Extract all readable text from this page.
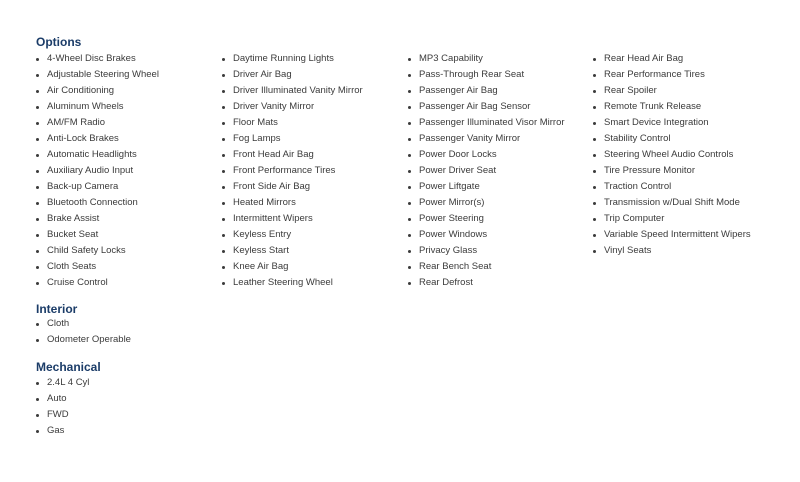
Options
4-Wheel Disc Brakes
Adjustable Steering Wheel
Air Conditioning
Aluminum Wheels
AM/FM Radio
Anti-Lock Brakes
Automatic Headlights
Auxiliary Audio Input
Back-up Camera
Bluetooth Connection
Brake Assist
Bucket Seat
Child Safety Locks
Cloth Seats
Cruise Control
Daytime Running Lights
Driver Air Bag
Driver Illuminated Vanity Mirror
Driver Vanity Mirror
Floor Mats
Fog Lamps
Front Head Air Bag
Front Performance Tires
Front Side Air Bag
Heated Mirrors
Intermittent Wipers
Keyless Entry
Keyless Start
Knee Air Bag
Leather Steering Wheel
MP3 Capability
Pass-Through Rear Seat
Passenger Air Bag
Passenger Air Bag Sensor
Passenger Illuminated Visor Mirror
Passenger Vanity Mirror
Power Door Locks
Power Driver Seat
Power Liftgate
Power Mirror(s)
Power Steering
Power Windows
Privacy Glass
Rear Bench Seat
Rear Defrost
Rear Head Air Bag
Rear Performance Tires
Rear Spoiler
Remote Trunk Release
Smart Device Integration
Stability Control
Steering Wheel Audio Controls
Tire Pressure Monitor
Traction Control
Transmission w/Dual Shift Mode
Trip Computer
Variable Speed Intermittent Wipers
Vinyl Seats
Interior
Cloth
Odometer Operable
Mechanical
2.4L 4 Cyl
Auto
FWD
Gas
